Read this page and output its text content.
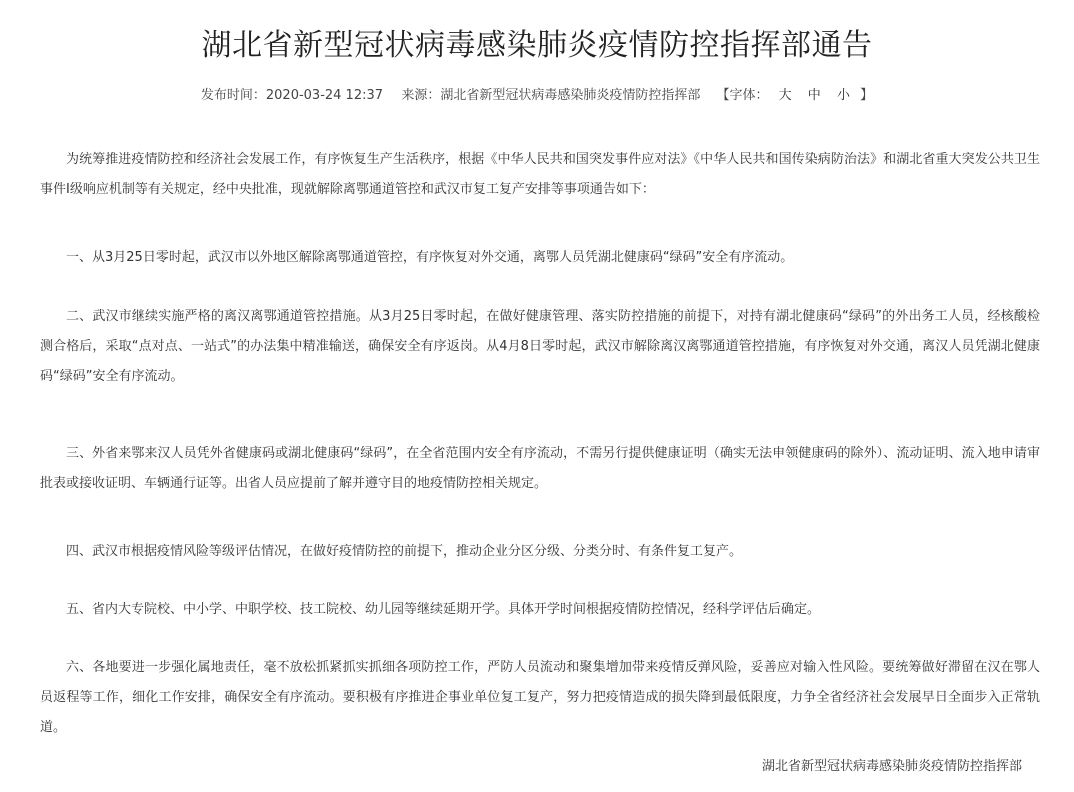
湖北省新型冠状病毒感染肺炎疫情防控指挥部通告
发布时间：2020-03-24 12:37 来源：湖北省新型冠状病毒感染肺炎疫情防控指挥部 【字体： 大 中 小 】

为统筹推进疫情防控和经济社会发展工作，有序恢复生产生活秩序，根据《中华人民共和国突发事件应对法》《中华人民共和国传染病防治法》和湖北省重大突发公共卫生事件I级响应机制等有关规定，经中央批准，现就解除离鄂通道管控和武汉市复工复产安排等事项通告如下：

一、从3月25日零时起，武汉市以外地区解除离鄂通道管控，有序恢复对外交通，离鄂人员凭湖北健康码“绿码”安全有序流动。

二、武汉市继续实施严格的离汉离鄂通道管控措施。从3月25日零时起，在做好健康管理、落实防控措施的前提下，对持有湖北健康码“绿码”的外出务工人员，经核酸检测合格后，采取“点对点、一站式”的办法集中精准输送，确保安全有序返岗。从4月8日零时起，武汉市解除离汉离鄂通道管控措施，有序恢复对外交通，离汉人员凭湖北健康码“绿码”安全有序流动。

三、外省来鄂来汉人员凭外省健康码或湖北健康码“绿码”，在全省范围内安全有序流动，不需另行提供健康证明（确实无法申领健康码的除外）、流动证明、流入地申请审批表或接收证明、车辆通行证等。出省人员应提前了解并遵守目的地疫情防控相关规定。

四、武汉市根据疫情风险等级评估情况，在做好疫情防控的前提下，推动企业分区分级、分类分时、有条件复工复产。

五、省内大专院校、中小学、中职学校、技工院校、幼儿园等继续延期开学。具体开学时间根据疫情防控情况，经科学评估后确定。

六、各地要进一步强化属地责任，毫不放松抓紧抓实抓细各项防控工作，严防人员流动和聚集增加带来疫情反弹风险，妥善应对输入性风险。要统筹做好滞留在汉在鄂人员返程等工作，细化工作安排，确保安全有序流动。要积极有序推进企事业单位复工复产，努力把疫情造成的损失降到最低限度，力争全省经济社会发展早日全面步入正常轨道。

湖北省新型冠状病毒感染肺炎疫情防控指挥部
